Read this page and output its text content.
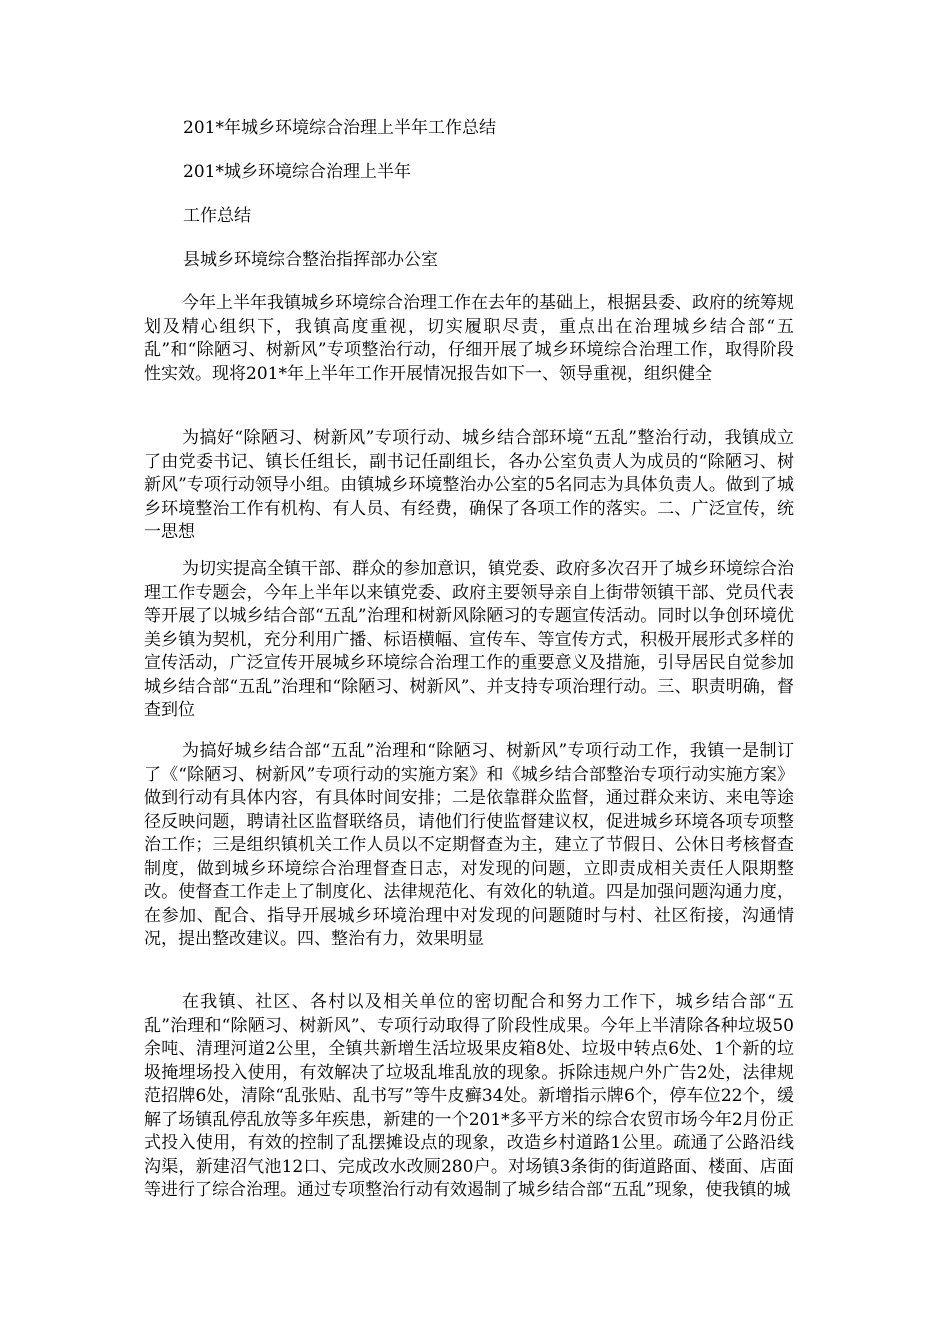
201*年城乡环境综合治理上半年工作总结
201*城乡环境综合治理上半年
工作总结
县城乡环境综合整治指挥部办公室

今年上半年我镇城乡环境综合治理工作在去年的基础上，根据县委、政府的统筹规划及精心组织下，我镇高度重视，切实履职尽责，重点出在治理城乡结合部“五乱”和“除陋习、树新风”专项整治行动，仔细开展了城乡环境综合治理工作，取得阶段性实效。现将201*年上半年工作开展情况报告如下一、领导重视，组织健全

为搞好“除陋习、树新风”专项行动、城乡结合部环境“五乱”整治行动，我镇成立了由党委书记、镇长任组长，副书记任副组长，各办公室负责人为成员的“除陋习、树新风”专项行动领导小组。由镇城乡环境整治办公室的5名同志为具体负责人。做到了城乡环境整治工作有机构、有人员、有经费，确保了各项工作的落实。二、广泛宣传，统一思想

为切实提高全镇干部、群众的参加意识，镇党委、政府多次召开了城乡环境综合治理工作专题会，今年上半年以来镇党委、政府主要领导亲自上街带领镇干部、党员代表等开展了以城乡结合部“五乱”治理和树新风除陋习的专题宣传活动。同时以争创环境优美乡镇为契机，充分利用广播、标语横幅、宣传车、等宣传方式，积极开展形式多样的宣传活动，广泛宣传开展城乡环境综合治理工作的重要意义及措施，引导居民自觉参加城乡结合部“五乱”治理和“除陋习、树新风”、并支持专项治理行动。三、职责明确，督查到位

为搞好城乡结合部“五乱”治理和“除陋习、树新风”专项行动工作，我镇一是制订了《“除陋习、树新风”专项行动的实施方案》和《城乡结合部整治专项行动实施方案》做到行动有具体内容，有具体时间安排；二是依靠群众监督，通过群众来访、来电等途径反映问题，聘请社区监督联络员，请他们行使监督建议权，促进城乡环境各项专项整治工作；三是组织镇机关工作人员以不定期督查为主，建立了节假日、公休日考核督查制度，做到城乡环境综合治理督查日志，对发现的问题，立即责成相关责任人限期整改。使督查工作走上了制度化、法律规范化、有效化的轨道。四是加强问题沟通力度，在参加、配合、指导开展城乡环境治理中对发现的问题随时与村、社区衔接，沟通情况，提出整改建议。四、整治有力，效果明显

在我镇、社区、各村以及相关单位的密切配合和努力工作下，城乡结合部“五乱”治理和“除陋习、树新风”、专项行动取得了阶段性成果。今年上半清除各种垃圾50余吨、清理河道2公里，全镇共新增生活垃圾果皮箱8处、垃圾中转点6处、1个新的垃圾掩埋场投入使用，有效解决了垃圾乱堆乱放的现象。拆除违规户外广告2处，法律规范招牌6处，清除“乱张贴、乱书写”等牛皮癣34处。新增指示牌6个，停车位22个，缓解了场镇乱停乱放等多年疾患，新建的一个201*多平方米的综合农贸市场今年2月份正式投入使用，有效的控制了乱摆摊设点的现象，改造乡村道路1公里。疏通了公路沿线沟渠，新建沼气池12口、完成改水改厕280户。对场镇3条街的街道路面、楼面、店面等进行了综合治理。通过专项整治行动有效遏制了城乡结合部“五乱”现象，使我镇的城
